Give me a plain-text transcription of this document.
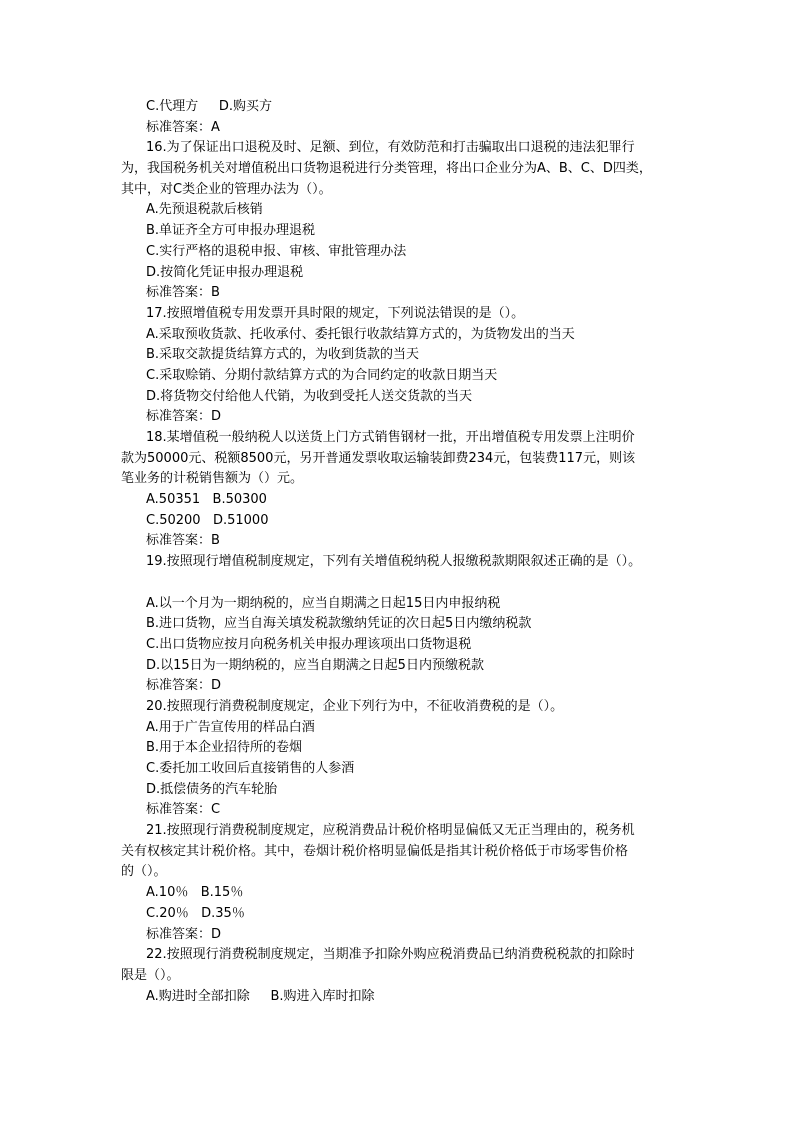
C.代理方     D.购买方
标准答案：A
16.为了保证出口退税及时、足额、到位，有效防范和打击骗取出口退税的违法犯罪行
为，我国税务机关对增值税出口货物退税进行分类管理，将出口企业分为A、B、C、D四类，
其中，对C类企业的管理办法为（）。
A.先预退税款后核销
B.单证齐全方可申报办理退税
C.实行严格的退税申报、审核、审批管理办法
D.按简化凭证申报办理退税
标准答案：B
17.按照增值税专用发票开具时限的规定，下列说法错误的是（）。
A.采取预收货款、托收承付、委托银行收款结算方式的，为货物发出的当天
B.采取交款提货结算方式的，为收到货款的当天
C.采取赊销、分期付款结算方式的为合同约定的收款日期当天
D.将货物交付给他人代销，为收到受托人送交货款的当天
标准答案：D
18.某增值税一般纳税人以送货上门方式销售钢材一批，开出增值税专用发票上注明价
款为50000元、税额8500元，另开普通发票收取运输装卸费234元，包装费117元，则该
笔业务的计税销售额为（）元。
A.50351   B.50300
C.50200   D.51000
标准答案：B
19.按照现行增值税制度规定，下列有关增值税纳税人报缴税款期限叙述正确的是（）。
A.以一个月为一期纳税的，应当自期满之日起15日内申报纳税
B.进口货物，应当自海关填发税款缴纳凭证的次日起5日内缴纳税款
C.出口货物应按月向税务机关申报办理该项出口货物退税
D.以15日为一期纳税的，应当自期满之日起5日内预缴税款
标准答案：D
20.按照现行消费税制度规定，企业下列行为中，不征收消费税的是（）。
A.用于广告宣传用的样品白酒
B.用于本企业招待所的卷烟
C.委托加工收回后直接销售的人参酒
D.抵偿债务的汽车轮胎
标准答案：C
21.按照现行消费税制度规定，应税消费品计税价格明显偏低又无正当理由的，税务机
关有权核定其计税价格。其中，卷烟计税价格明显偏低是指其计税价格低于市场零售价格
的（）。
A.10％   B.15％
C.20％   D.35％
标准答案：D
22.按照现行消费税制度规定，当期准予扣除外购应税消费品已纳消费税税款的扣除时
限是（）。
A.购进时全部扣除     B.购进入库时扣除
